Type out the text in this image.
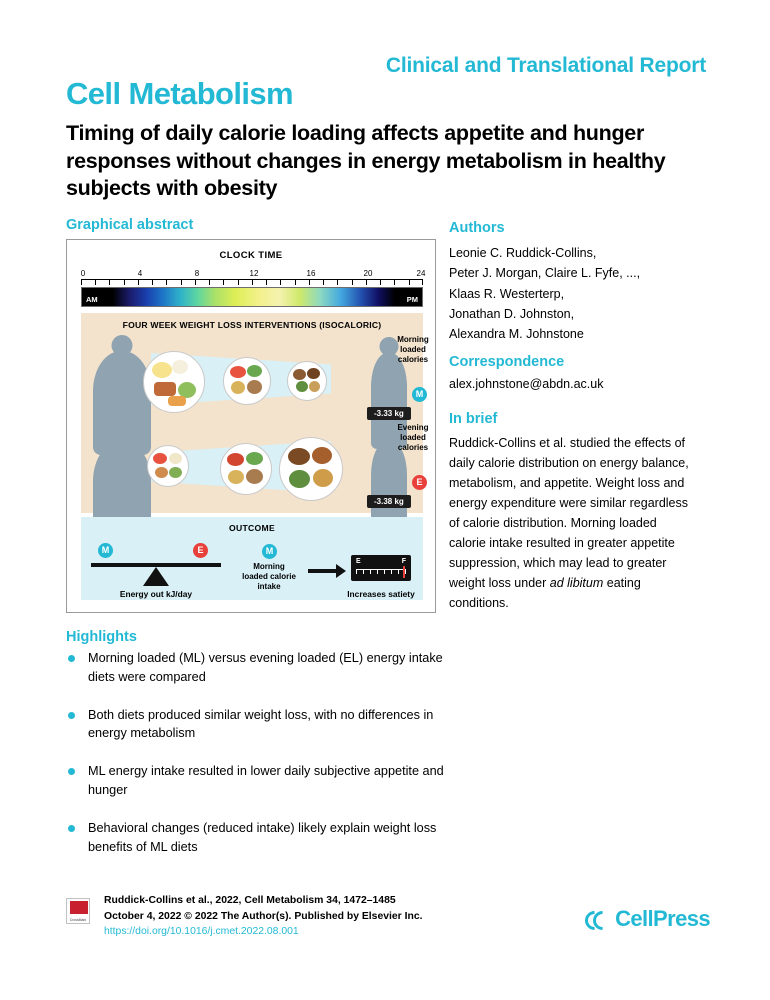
Clinical and Translational Report
Cell Metabolism
Timing of daily calorie loading affects appetite and hunger responses without changes in energy metabolism in healthy subjects with obesity
Graphical abstract	Authors
Correspondence
In brief
Highlights
Leonie C. Ruddick-Collins,
Peter J. Morgan, Claire L. Fyfe, ...,
Klaas R. Westerterp,
Jonathan D. Johnston,
Alexandra M. Johnstone
alex.johnstone@abdn.ac.uk
Ruddick-Collins et al. studied the effects of daily calorie distribution on energy balance, metabolism, and appetite. Weight loss and energy expenditure were similar regardless of calorie distribution. Morning loaded calorie intake resulted in greater appetite suppression, which may lead to greater weight loss under ad libitum eating conditions.
CLOCK TIME
0	4	8	12	16	20	24
AM	PM
FOUR WEEK WEIGHT LOSS INTERVENTIONS (ISOCALORIC)
M
Morning
loaded
calories
-3.33 kg
E
Evening
loaded
calories
-3.38 kg
OUTCOME
M	E
Energy out kJ/day
M
Morning
loaded calorie
intake
E	F
Increases satiety
Morning loaded (ML) versus evening loaded (EL) energy intake diets were compared
Both diets produced similar weight loss, with no differences in energy metabolism
ML energy intake resulted in lower daily subjective appetite and hunger
Behavioral changes (reduced intake) likely explain weight loss benefits of ML diets
CrossMark
Ruddick-Collins et al., 2022, Cell Metabolism 34, 1472–1485
October 4, 2022 © 2022 The Author(s). Published by Elsevier Inc.
https://doi.org/10.1016/j.cmet.2022.08.001
CellPress
